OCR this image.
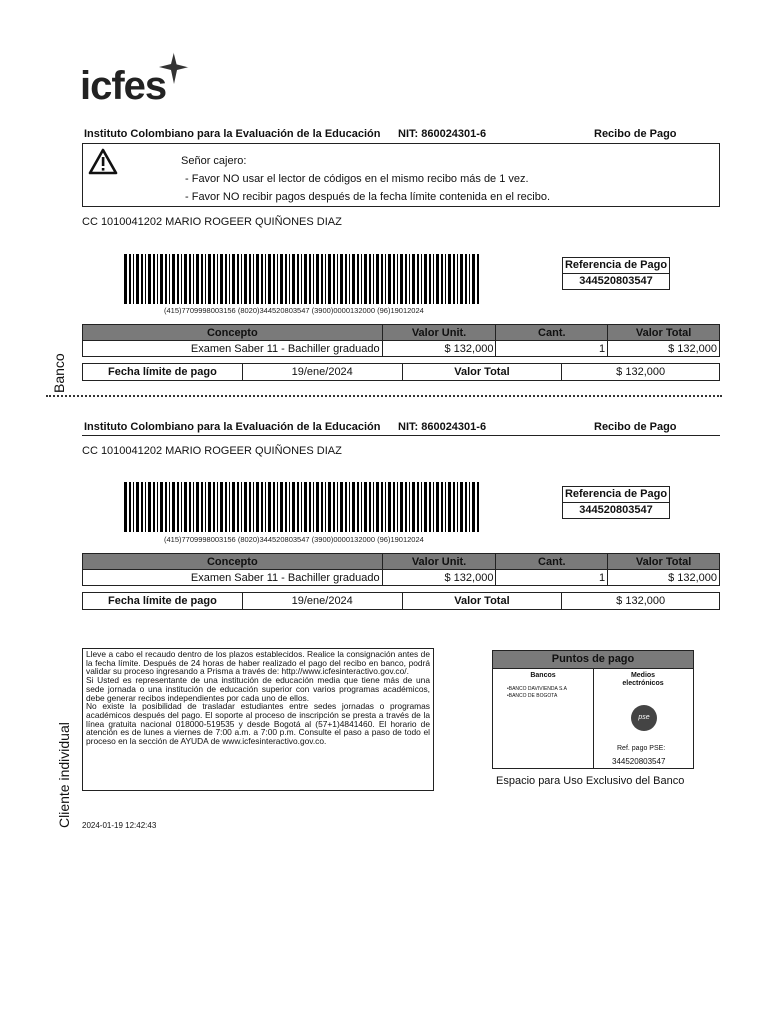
icfes
Instituto Colombiano para la Evaluación de la Educación NIT: 860024301-6	Recibo de Pago
Señor cajero:
- Favor NO usar el lector de códigos en el mismo recibo más de 1 vez.
- Favor NO recibir pagos después de la fecha límite contenida en el recibo.
CC 1010041202 MARIO ROGEER QUIÑONES DIAZ
(415)7709998003156 (8020)344520803547 (3900)0000132000 (96)19012024
Referencia de Pago
344520803547
Concepto	Valor Unit.	Cant.	Valor Total
Examen Saber 11 - Bachiller graduado	$ 132,000	1	$ 132,000
Fecha límite de pago	19/ene/2024	Valor Total	$ 132,000
Banco
Instituto Colombiano para la Evaluación de la Educación NIT: 860024301-6	Recibo de Pago
CC 1010041202 MARIO ROGEER QUIÑONES DIAZ
(415)7709998003156 (8020)344520803547 (3900)0000132000 (96)19012024
Referencia de Pago
344520803547
Concepto	Valor Unit.	Cant.	Valor Total
Examen Saber 11 - Bachiller graduado	$ 132,000	1	$ 132,000
Fecha límite de pago	19/ene/2024	Valor Total	$ 132,000

Lleve a cabo el recaudo dentro de los plazos establecidos. Realice la consignación antes de la fecha límite. Después de 24 horas de haber realizado el pago del recibo en banco, podrá validar su proceso ingresando a Prisma a través de: http://www.icfesinteractivo.gov.co/.

Si Usted es representante de una institución de educación media que tiene más de una sede jornada o una institución de educación superior con varios programas académicos, debe generar recibos independientes por cada uno de ellos.

No existe la posibilidad de trasladar estudiantes entre sedes jornadas o programas académicos después del pago. El soporte al proceso de inscripción se presta a través de la línea gratuita nacional 018000-519535 y desde Bogotá al (57+1)4841460. El horario de atención es de lunes a viernes de 7:00 a.m. a 7:00 p.m. Consulte el paso a paso de todo el proceso en la sección de AYUDA de www.icfesinteractivo.gov.co.

Puntos de pago
Bancos
•BANCO DAVIVIENDA S.A
•BANCO DE BOGOTA
Medios
electrónicos
pse
Ref. pago PSE:
344520803547
Espacio para Uso Exclusivo del Banco
Cliente individual 2024-01-19 12:42:43
